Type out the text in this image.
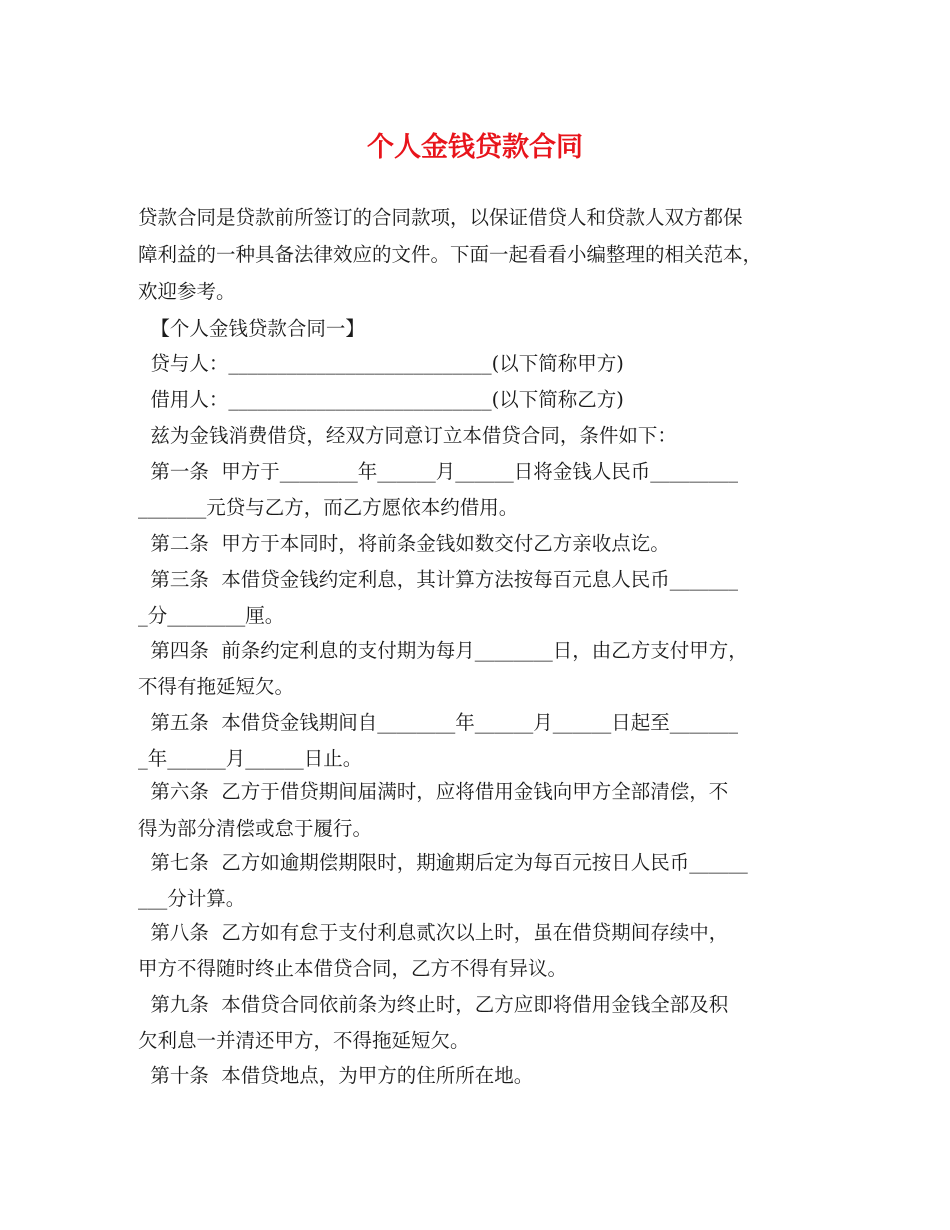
个人金钱贷款合同
贷款合同是贷款前所签订的合同款项，以保证借贷人和贷款人双方都保
障利益的一种具备法律效应的文件。下面一起看看小编整理的相关范本，
欢迎参考。
【个人金钱贷款合同一】
贷与人：___________________________(以下简称甲方)
借用人：___________________________(以下简称乙方)
兹为金钱消费借贷，经双方同意订立本借贷合同，条件如下：
第一条  甲方于________年______月______日将金钱人民币_________
_______元贷与乙方，而乙方愿依本约借用。
第二条  甲方于本同时，将前条金钱如数交付乙方亲收点讫。
第三条  本借贷金钱约定利息，其计算方法按每百元息人民币_______
_分________厘。
第四条  前条约定利息的支付期为每月________日，由乙方支付甲方，
不得有拖延短欠。
第五条  本借贷金钱期间自________年______月______日起至_______
_年______月______日止。
第六条  乙方于借贷期间届满时，应将借用金钱向甲方全部清偿，不
得为部分清偿或怠于履行。
第七条  乙方如逾期偿期限时，期逾期后定为每百元按日人民币______
___分计算。
第八条  乙方如有怠于支付利息贰次以上时，虽在借贷期间存续中，
甲方不得随时终止本借贷合同，乙方不得有异议。
第九条  本借贷合同依前条为终止时，乙方应即将借用金钱全部及积
欠利息一并清还甲方，不得拖延短欠。
第十条  本借贷地点，为甲方的住所所在地。
